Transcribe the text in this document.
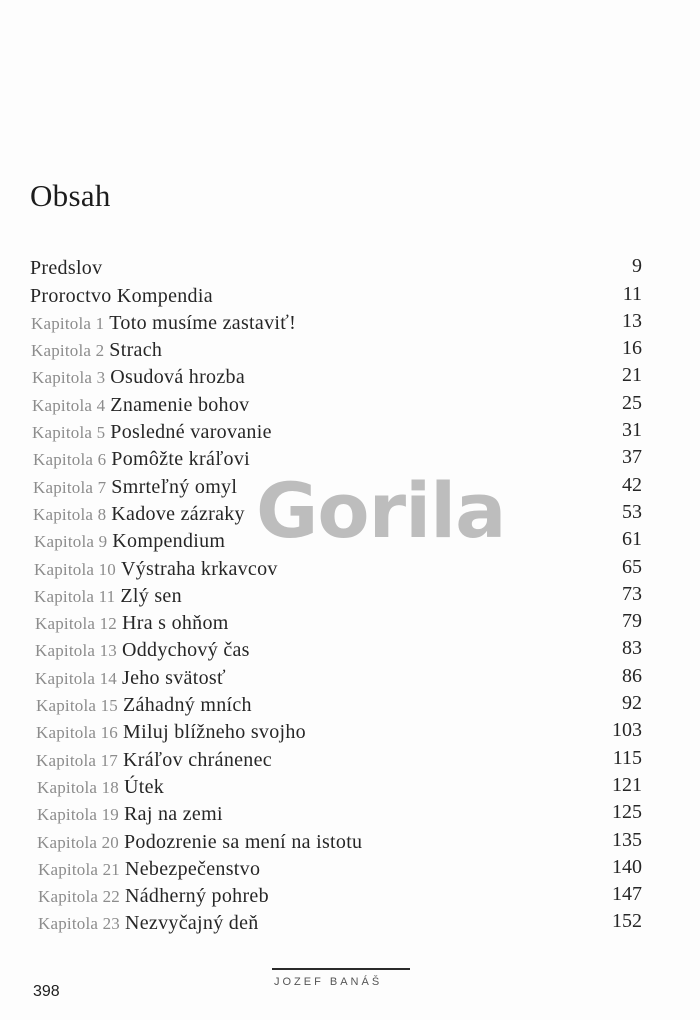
Obsah
Predslov	9
Proroctvo Kompendia	11
Kapitola 1 Toto musíme zastaviť!	13
Kapitola 2 Strach	16
Kapitola 3 Osudová hrozba	21
Kapitola 4 Znamenie bohov	25
Kapitola 5 Posledné varovanie	31
Kapitola 6 Pomôžte kráľovi	37
Kapitola 7 Smrteľný omyl	42
Kapitola 8 Kadove zázraky	53
Kapitola 9 Kompendium	61
Kapitola 10 Výstraha krkavcov	65
Kapitola 11 Zlý sen	73
Kapitola 12 Hra s ohňom	79
Kapitola 13 Oddychový čas	83
Kapitola 14 Jeho svätosť	86
Kapitola 15 Záhadný mních	92
Kapitola 16 Miluj blížneho svojho	103
Kapitola 17 Kráľov chránenec	115
Kapitola 18 Útek	121
Kapitola 19 Raj na zemi	125
Kapitola 20 Podozrenie sa mení na istotu	135
Kapitola 21 Nebezpečenstvo	140
Kapitola 22 Nádherný pohreb	147
Kapitola 23 Nezvyčajný deň	152
Gorila
JOZEF BANÁŠ
398
